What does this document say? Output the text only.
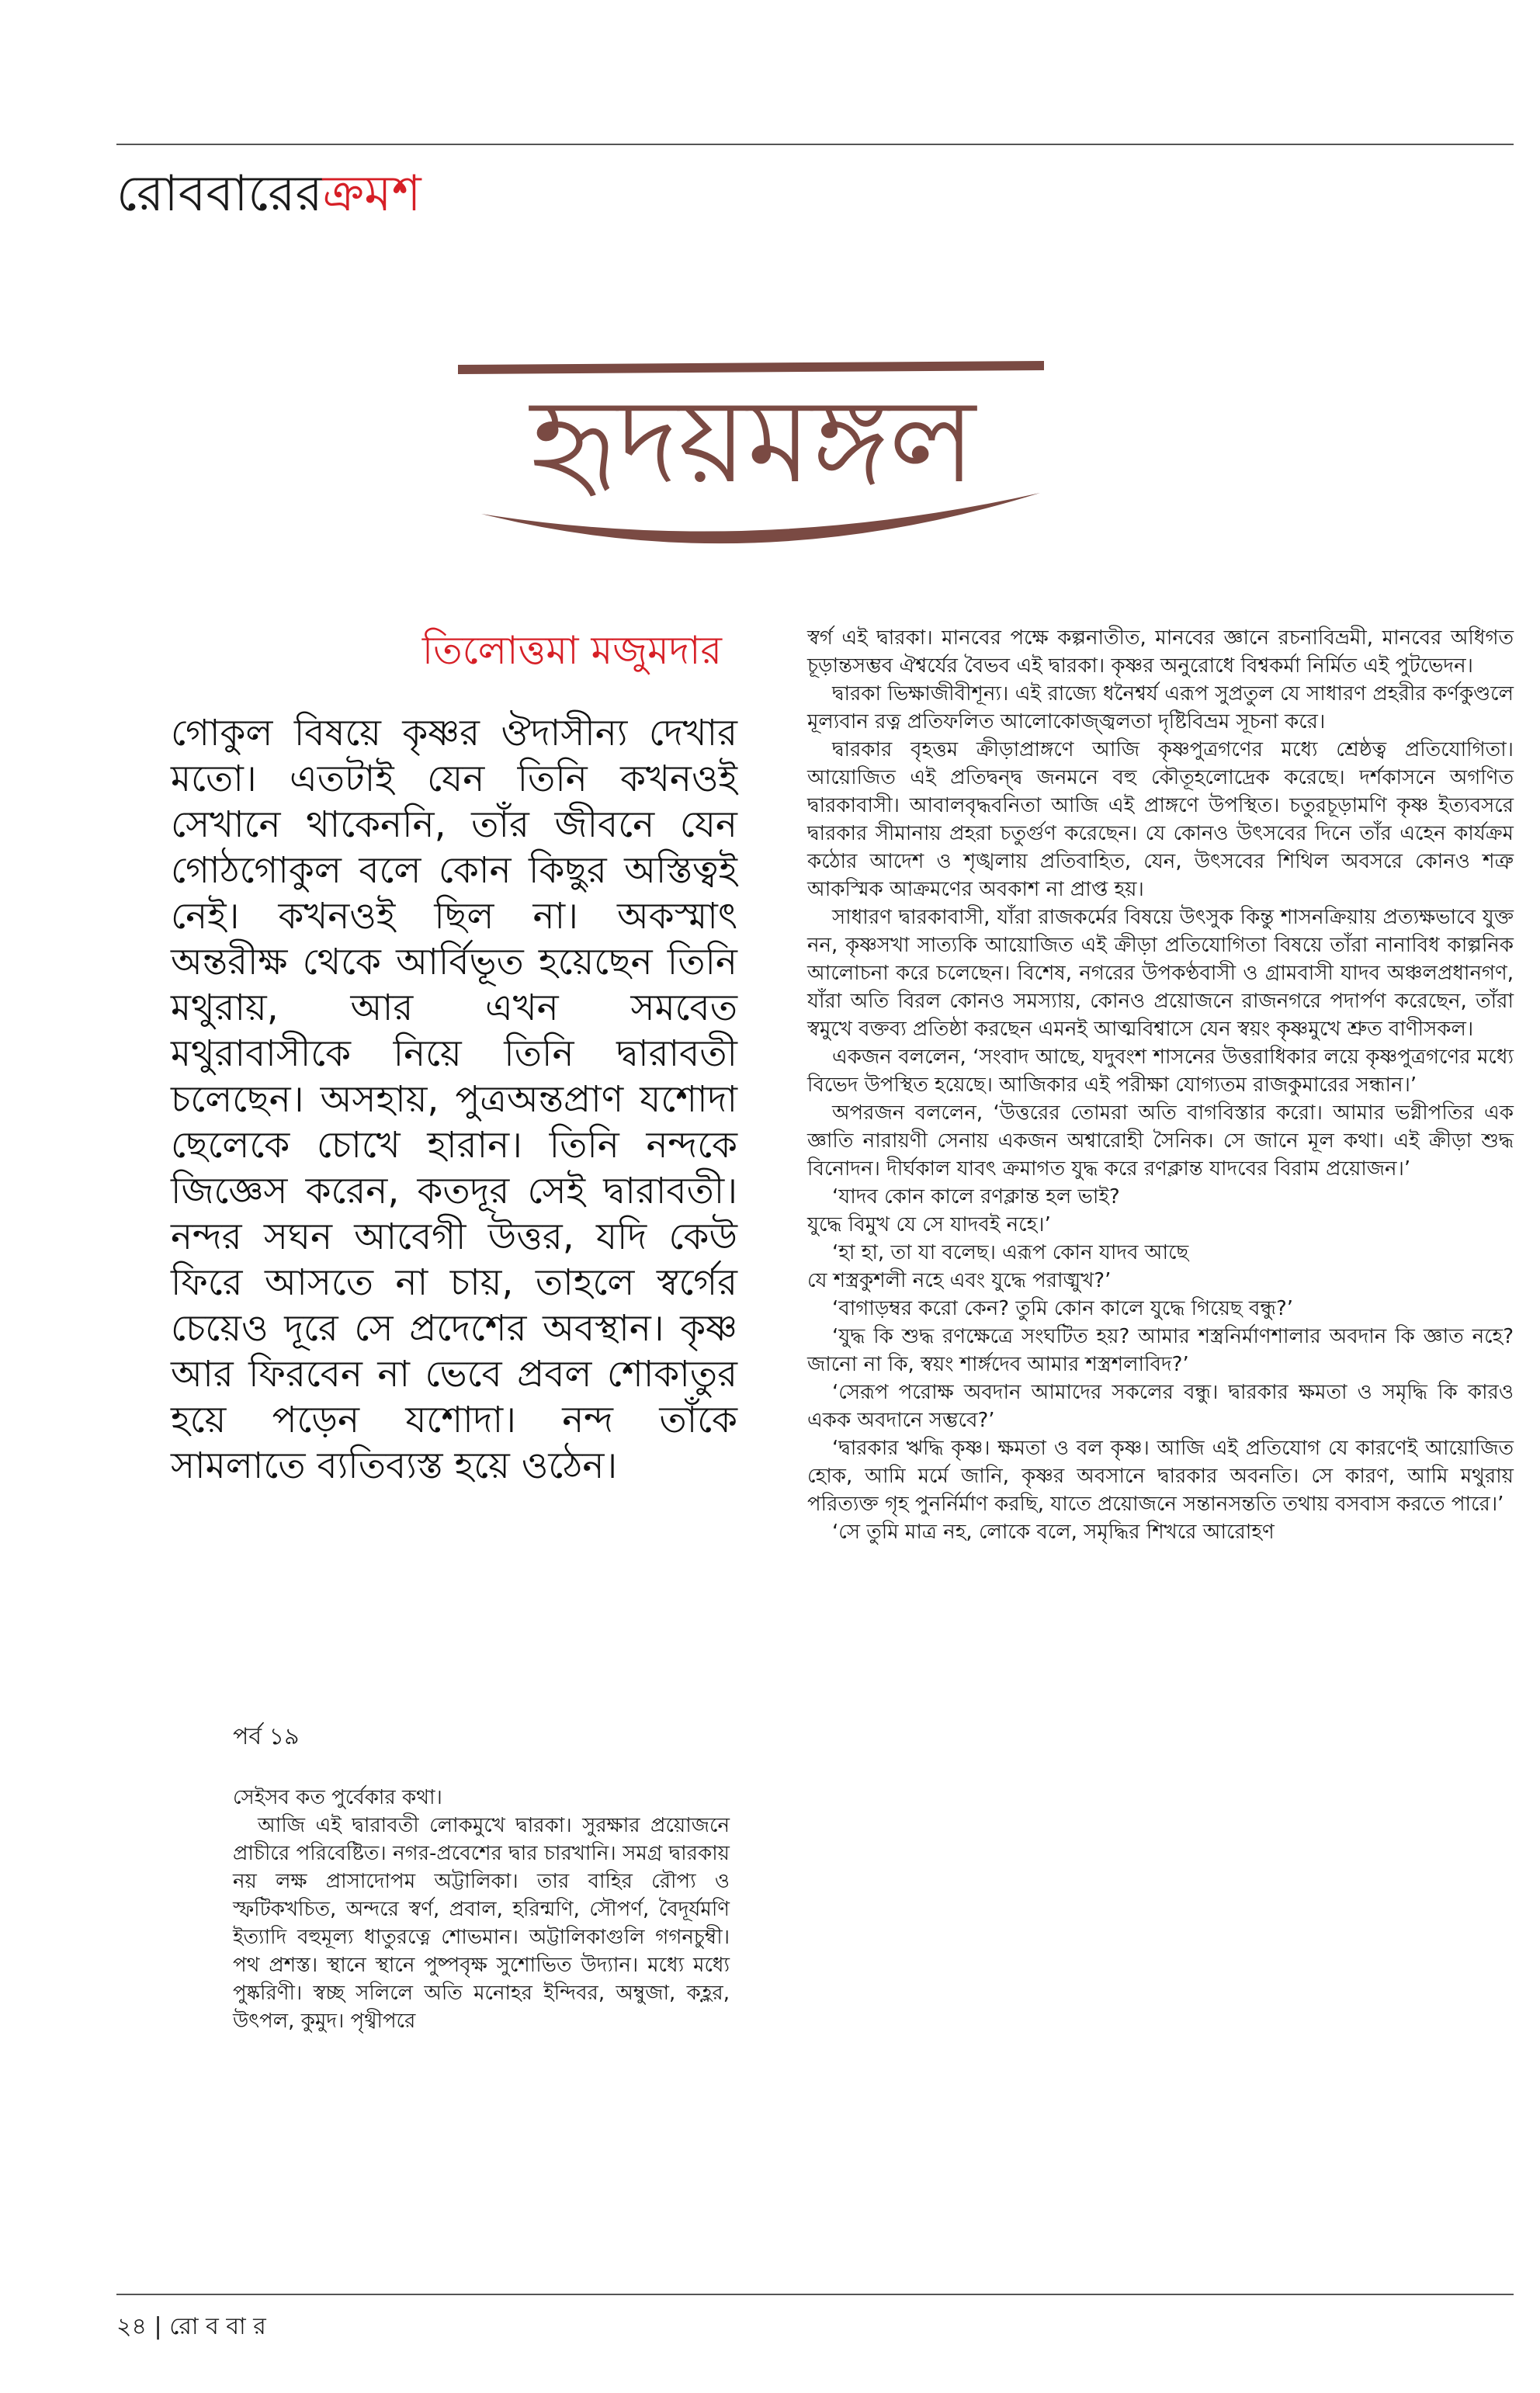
রোববারেরক্রমশ
হৃদয়মঙ্গল
তিলোত্তমা মজুমদার

গোকুল বিষয়ে কৃষ্ণর ঔদাসীন্য দেখার মতো। এতটাই যেন তিনি কখনওই সেখানে থাকেননি, তাঁর জীবনে যেন গোঠগোকুল বলে কোন কিছুর অস্তিত্বই নেই। কখনওই ছিল না। অকস্মাৎ অন্তরীক্ষ থেকে আর্বিভূত হয়েছেন তিনি মথুরায়, আর এখন সমবেত মথুরাবাসীকে নিয়ে তিনি দ্বারাবতী চলেছেন। অসহায়, পুত্রঅন্তপ্রাণ যশোদা ছেলেকে চোখে হারান। তিনি নন্দকে জিজ্ঞেস করেন, কতদূর সেই দ্বারাবতী। নন্দর সঘন আবেগী উত্তর, যদি কেউ ফিরে আসতে না চায়, তাহলে স্বর্গের চেয়েও দূরে সে প্রদেশের অবস্থান। কৃষ্ণ আর ফিরবেন না ভেবে প্রবল শোকাতুর হয়ে পড়েন যশোদা। নন্দ তাঁকে সামলাতে ব্যতিব্যস্ত হয়ে ওঠেন।

পর্ব ১৯

সেইসব কত পুর্বেকার কথা।

আজি এই দ্বারাবতী লোকমুখে দ্বারকা। সুরক্ষার প্রয়োজনে প্রাচীরে পরিবেষ্টিত। নগর-প্রবেশের দ্বার চারখানি। সমগ্র দ্বারকায় নয় লক্ষ প্রাসাদোপম অট্টালিকা। তার বাহির রৌপ্য ও স্ফটিকখচিত, অন্দরে স্বর্ণ, প্রবাল, হরিন্মণি, সৌপর্ণ, বৈদূর্যমণি ইত্যাদি বহুমূল্য ধাতুরত্নে শোভমান। অট্টালিকাগুলি গগনচুম্বী। পথ প্রশস্ত। স্থানে স্থানে পুষ্পবৃক্ষ সুশোভিত উদ্যান। মধ্যে মধ্যে পুষ্করিণী। স্বচ্ছ সলিলে অতি মনোহর ইন্দিবর, অম্বুজা, কহ্লর, উৎপল, কুমুদ। পৃথ্বীপরে

স্বর্গ এই দ্বারকা। মানবের পক্ষে কল্পনাতীত, মানবের জ্ঞানে রচনাবিভ্রমী, মানবের অধিগত চূড়ান্তসম্ভব ঐশ্বর্যের বৈভব এই দ্বারকা। কৃষ্ণর অনুরোধে বিশ্বকর্মা নির্মিত এই পুটভেদন।

দ্বারকা ভিক্ষাজীবীশূন্য। এই রাজ্যে ধনৈশ্বর্য এরূপ সুপ্রতুল যে সাধারণ প্রহরীর কর্ণকুণ্ডলে মূল্যবান রত্ন প্রতিফলিত আলোকোজ্জ্বলতা দৃষ্টিবিভ্রম সূচনা করে।

দ্বারকার বৃহত্তম ক্রীড়াপ্রাঙ্গণে আজি কৃষ্ণপুত্রগণের মধ্যে শ্রেষ্ঠত্ব প্রতিযোগিতা। আয়োজিত এই প্রতিদ্বন্দ্ব জনমনে বহু কৌতূহলোদ্রেক করেছে। দর্শকাসনে অগণিত দ্বারকাবাসী। আবালবৃদ্ধবনিতা আজি এই প্রাঙ্গণে উপস্থিত। চতুরচূড়ামণি কৃষ্ণ ইত্যবসরে দ্বারকার সীমানায় প্রহরা চতুর্গুণ করেছেন। যে কোনও উৎসবের দিনে তাঁর এহেন কার্যক্রম কঠোর আদেশ ও শৃঙ্খলায় প্রতিবাহিত, যেন, উৎসবের শিথিল অবসরে কোনও শত্রু আকস্মিক আক্রমণের অবকাশ না প্রাপ্ত হয়।

সাধারণ দ্বারকাবাসী, যাঁরা রাজকর্মের বিষয়ে উৎসুক কিন্তু শাসনক্রিয়ায় প্রত্যক্ষভাবে যুক্ত নন, কৃষ্ণসখা সাত্যকি আয়োজিত এই ক্রীড়া প্রতিযোগিতা বিষয়ে তাঁরা নানাবিধ কাল্পনিক আলোচনা করে চলেছেন। বিশেষ, নগরের উপকণ্ঠবাসী ও গ্রামবাসী যাদব অঞ্চলপ্রধানগণ, যাঁরা অতি বিরল কোনও সমস্যায়, কোনও প্রয়োজনে রাজনগরে পদার্পণ করেছেন, তাঁরা স্বমুখে বক্তব্য প্রতিষ্ঠা করছেন এমনই আত্মবিশ্বাসে যেন স্বয়ং কৃষ্ণমুখে শ্রুত বাণীসকল।

একজন বললেন, ‘সংবাদ আছে, যদুবংশ শাসনের উত্তরাধিকার লয়ে কৃষ্ণপুত্রগণের মধ্যে বিভেদ উপস্থিত হয়েছে। আজিকার এই পরীক্ষা যোগ্যতম রাজকুমারের সন্ধান।’

অপরজন বললেন, ‘উত্তরের তোমরা অতি বাগবিস্তার করো। আমার ভগ্নীপতির এক জ্ঞাতি নারায়ণী সেনায় একজন অশ্বারোহী সৈনিক। সে জানে মূল কথা। এই ক্রীড়া শুদ্ধ বিনোদন। দীর্ঘকাল যাবৎ ক্রমাগত যুদ্ধ করে রণক্লান্ত যাদবের বিরাম প্রয়োজন।’

‘যাদব কোন কালে রণক্লান্ত হল ভাই?

যুদ্ধে বিমুখ যে সে যাদবই নহে।’

‘হা হা, তা যা বলেছ। এরূপ কোন যাদব আছে

যে শস্ত্রকুশলী নহে এবং যুদ্ধে পরাঙ্মুখ?’

‘বাগাড়ম্বর করো কেন? তুমি কোন কালে যুদ্ধে গিয়েছ বন্ধু?’

‘যুদ্ধ কি শুদ্ধ রণক্ষেত্রে সংঘটিত হয়? আমার শস্ত্রনির্মাণশালার অবদান কি জ্ঞাত নহে? জানো না কি, স্বয়ং শার্ঙ্গদেব আমার শস্ত্রশলাবিদ?’

‘সেরূপ পরোক্ষ অবদান আমাদের সকলের বন্ধু। দ্বারকার ক্ষমতা ও সমৃদ্ধি কি কারও একক অবদানে সম্ভবে?’

‘দ্বারকার ঋদ্ধি কৃষ্ণ। ক্ষমতা ও বল কৃষ্ণ। আজি এই প্রতিযোগ যে কারণেই আয়োজিত হোক, আমি মর্মে জানি, কৃষ্ণর অবসানে দ্বারকার অবনতি। সে কারণ, আমি মথুরায় পরিত্যক্ত গৃহ পুনর্নির্মাণ করছি, যাতে প্রয়োজনে সন্তানসন্ততি তথায় বসবাস করতে পারে।’

‘সে তুমি মাত্র নহ, লোকে বলে, সমৃদ্ধির শিখরে আরোহণ

২৪ | রো ব বা র
